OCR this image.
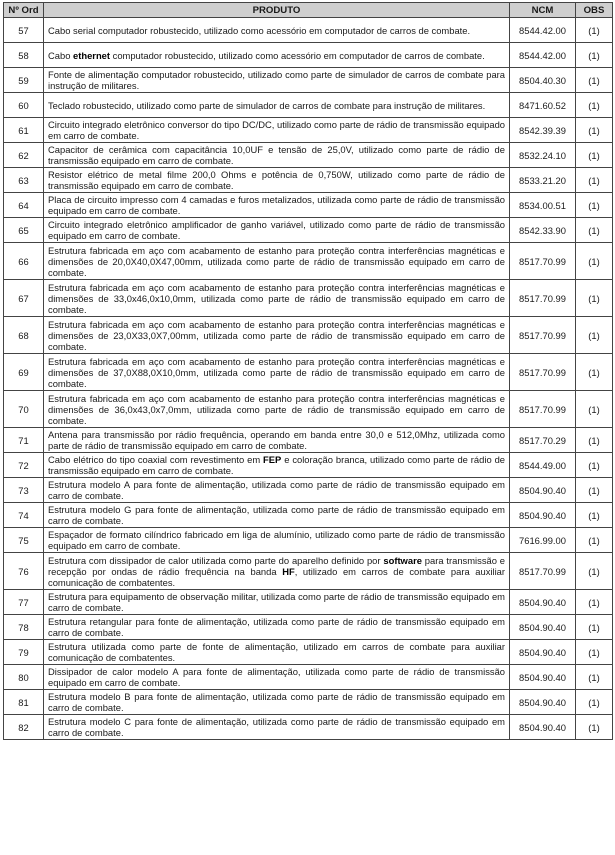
Nº Ord	PRODUTO	NCM	OBS
57	Cabo serial computador robustecido, utilizado como acessório em computador de carros de combate.	8544.42.00	(1)
58	Cabo ethernet computador robustecido, utilizado como acessório em computador de carros de combate.	8544.42.00	(1)
59	Fonte de alimentação computador robustecido, utilizado como parte de simulador de carros de combate para instrução de militares.	8504.40.30	(1)
60	Teclado robustecido, utilizado como parte de simulador de carros de combate para instrução de militares.	8471.60.52	(1)
61	Circuito integrado eletrônico conversor do tipo DC/DC, utilizado como parte de rádio de transmissão equipado em carro de combate.	8542.39.39	(1)
62	Capacitor de cerâmica com capacitância 10,0UF e tensão de 25,0V, utilizado como parte de rádio de transmissão equipado em carro de combate.	8532.24.10	(1)
63	Resistor elétrico de metal filme 200,0 Ohms e potência de 0,750W, utilizado como parte de rádio de transmissão equipado em carro de combate.	8533.21.20	(1)
64	Placa de circuito impresso com 4 camadas e furos metalizados, utilizada como parte de rádio de transmissão equipado em carro de combate.	8534.00.51	(1)
65	Circuito integrado eletrônico amplificador de ganho variável, utilizado como parte de rádio de transmissão equipado em carro de combate.	8542.33.90	(1)
66	Estrutura fabricada em aço com acabamento de estanho para proteção contra interferências magnéticas e dimensões de 20,0X40,0X47,00mm, utilizada como parte de rádio de transmissão equipado em carro de combate.	8517.70.99	(1)
67	Estrutura fabricada em aço com acabamento de estanho para proteção contra interferências magnéticas e dimensões de 33,0x46,0x10,0mm, utilizada como parte de rádio de transmissão equipado em carro de combate.	8517.70.99	(1)
68	Estrutura fabricada em aço com acabamento de estanho para proteção contra interferências magnéticas e dimensões de 23,0X33,0X7,00mm, utilizada como parte de rádio de transmissão equipado em carro de combate.	8517.70.99	(1)
69	Estrutura fabricada em aço com acabamento de estanho para proteção contra interferências magnéticas e dimensões de 37,0X88,0X10,0mm, utilizada como parte de rádio de transmissão equipado em carro de combate.	8517.70.99	(1)
70	Estrutura fabricada em aço com acabamento de estanho para proteção contra interferências magnéticas e dimensões de 36,0x43,0x7,0mm, utilizada como parte de rádio de transmissão equipado em carro de combate.	8517.70.99	(1)
71	Antena para transmissão por rádio frequência, operando em banda entre 30,0 e 512,0Mhz, utilizada como parte de rádio de transmissão equipado em carro de combate.	8517.70.29	(1)
72	Cabo elétrico do tipo coaxial com revestimento em FEP e coloração branca, utilizado como parte de rádio de transmissão equipado em carro de combate.	8544.49.00	(1)
73	Estrutura modelo A para fonte de alimentação, utilizada como parte de rádio de transmissão equipado em carro de combate.	8504.90.40	(1)
74	Estrutura modelo G para fonte de alimentação, utilizada como parte de rádio de transmissão equipado em carro de combate.	8504.90.40	(1)
75	Espaçador de formato cilíndrico fabricado em liga de alumínio, utilizado como parte de rádio de transmissão equipado em carro de combate.	7616.99.00	(1)
76	Estrutura com dissipador de calor utilizada como parte do aparelho definido por software para transmissão e recepção por ondas de rádio frequência na banda HF, utilizado em carros de combate para auxiliar comunicação de combatentes.	8517.70.99	(1)
77	Estrutura para equipamento de observação militar, utilizada como parte de rádio de transmissão equipado em carro de combate.	8504.90.40	(1)
78	Estrutura retangular para fonte de alimentação, utilizada como parte de rádio de transmissão equipado em carro de combate.	8504.90.40	(1)
79	Estrutura utilizada como parte de fonte de alimentação, utilizado em carros de combate para auxiliar comunicação de combatentes.	8504.90.40	(1)
80	Dissipador de calor modelo A para fonte de alimentação, utilizada como parte de rádio de transmissão equipado em carro de combate.	8504.90.40	(1)
81	Estrutura modelo B para fonte de alimentação, utilizada como parte de rádio de transmissão equipado em carro de combate.	8504.90.40	(1)
82	Estrutura modelo C para fonte de alimentação, utilizada como parte de rádio de transmissão equipado em carro de combate.	8504.90.40	(1)
